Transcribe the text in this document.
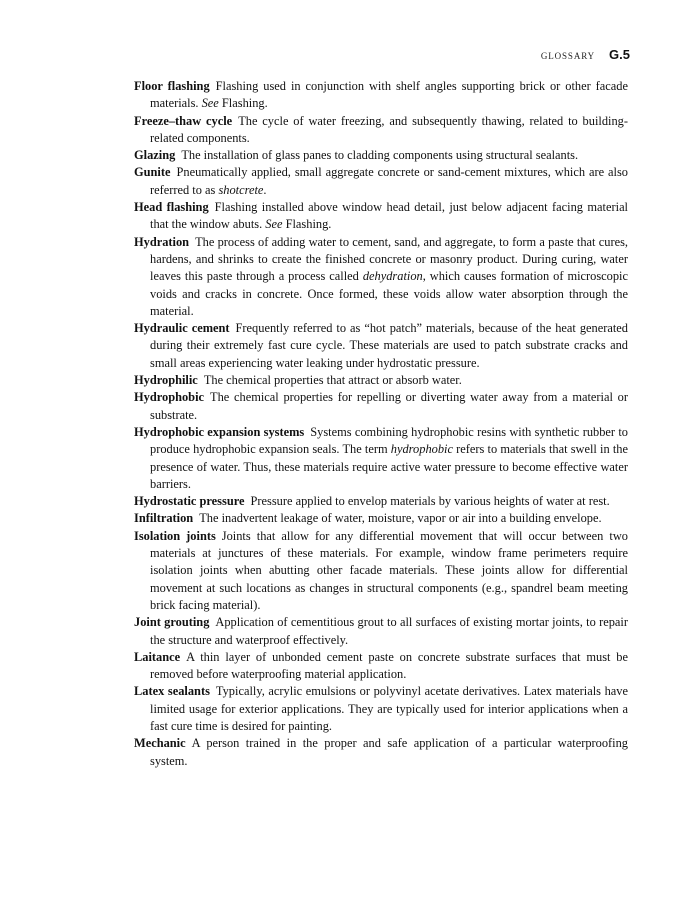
GLOSSARY G.5

Floor flashing Flashing used in conjunction with shelf angles supporting brick or other facade materials. See Flashing.

Freeze–thaw cycle The cycle of water freezing, and subsequently thawing, related to building-related components.

Glazing The installation of glass panes to cladding components using structural sealants.

Gunite Pneumatically applied, small aggregate concrete or sand-cement mixtures, which are also referred to as shotcrete.

Head flashing Flashing installed above window head detail, just below adjacent facing material that the window abuts. See Flashing.

Hydration The process of adding water to cement, sand, and aggregate, to form a paste that cures, hardens, and shrinks to create the finished concrete or masonry product. During curing, water leaves this paste through a process called dehydration, which causes formation of microscopic voids and cracks in concrete. Once formed, these voids allow water absorption through the material.

Hydraulic cement Frequently referred to as “hot patch” materials, because of the heat generated during their extremely fast cure cycle. These materials are used to patch substrate cracks and small areas experiencing water leaking under hydrostatic pressure.

Hydrophilic The chemical properties that attract or absorb water.

Hydrophobic The chemical properties for repelling or diverting water away from a material or substrate.

Hydrophobic expansion systems Systems combining hydrophobic resins with synthetic rubber to produce hydrophobic expansion seals. The term hydrophobic refers to materials that swell in the presence of water. Thus, these materials require active water pressure to become effective water barriers.

Hydrostatic pressure Pressure applied to envelop materials by various heights of water at rest.

Infiltration The inadvertent leakage of water, moisture, vapor or air into a building envelope.

Isolation joints Joints that allow for any differential movement that will occur between two materials at junctures of these materials. For example, window frame perimeters require isolation joints when abutting other facade materials. These joints allow for differential movement at such locations as changes in structural components (e.g., spandrel beam meeting brick facing material).

Joint grouting Application of cementitious grout to all surfaces of existing mortar joints, to repair the structure and waterproof effectively.

Laitance A thin layer of unbonded cement paste on concrete substrate surfaces that must be removed before waterproofing material application.

Latex sealants Typically, acrylic emulsions or polyvinyl acetate derivatives. Latex materials have limited usage for exterior applications. They are typically used for interior applications when a fast cure time is desired for painting.

Mechanic A person trained in the proper and safe application of a particular waterproofing system.
